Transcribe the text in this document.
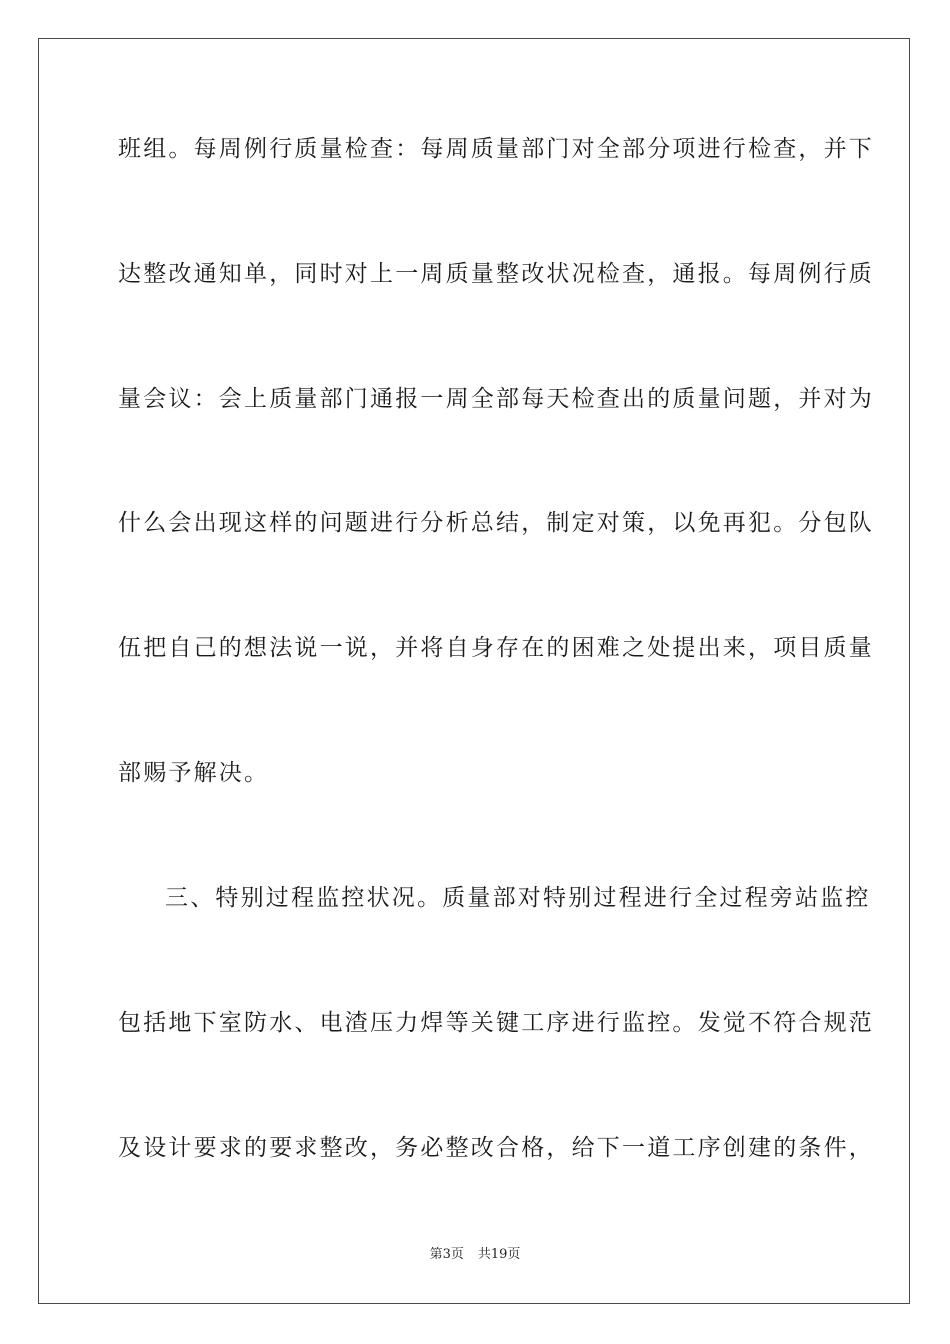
班组。每周例行质量检查：每周质量部门对全部分项进行检查，并下
达整改通知单，同时对上一周质量整改状况检查，通报。每周例行质
量会议：会上质量部门通报一周全部每天检查出的质量问题，并对为
什么会出现这样的问题进行分析总结，制定对策，以免再犯。分包队
伍把自己的想法说一说，并将自身存在的困难之处提出来，项目质量
部赐予解决。
三、特别过程监控状况。质量部对特别过程进行全过程旁站监控
包括地下室防水、电渣压力焊等关键工序进行监控。发觉不符合规范
及设计要求的要求整改，务必整改合格，给下一道工序创建的条件，
第3页 共19页
